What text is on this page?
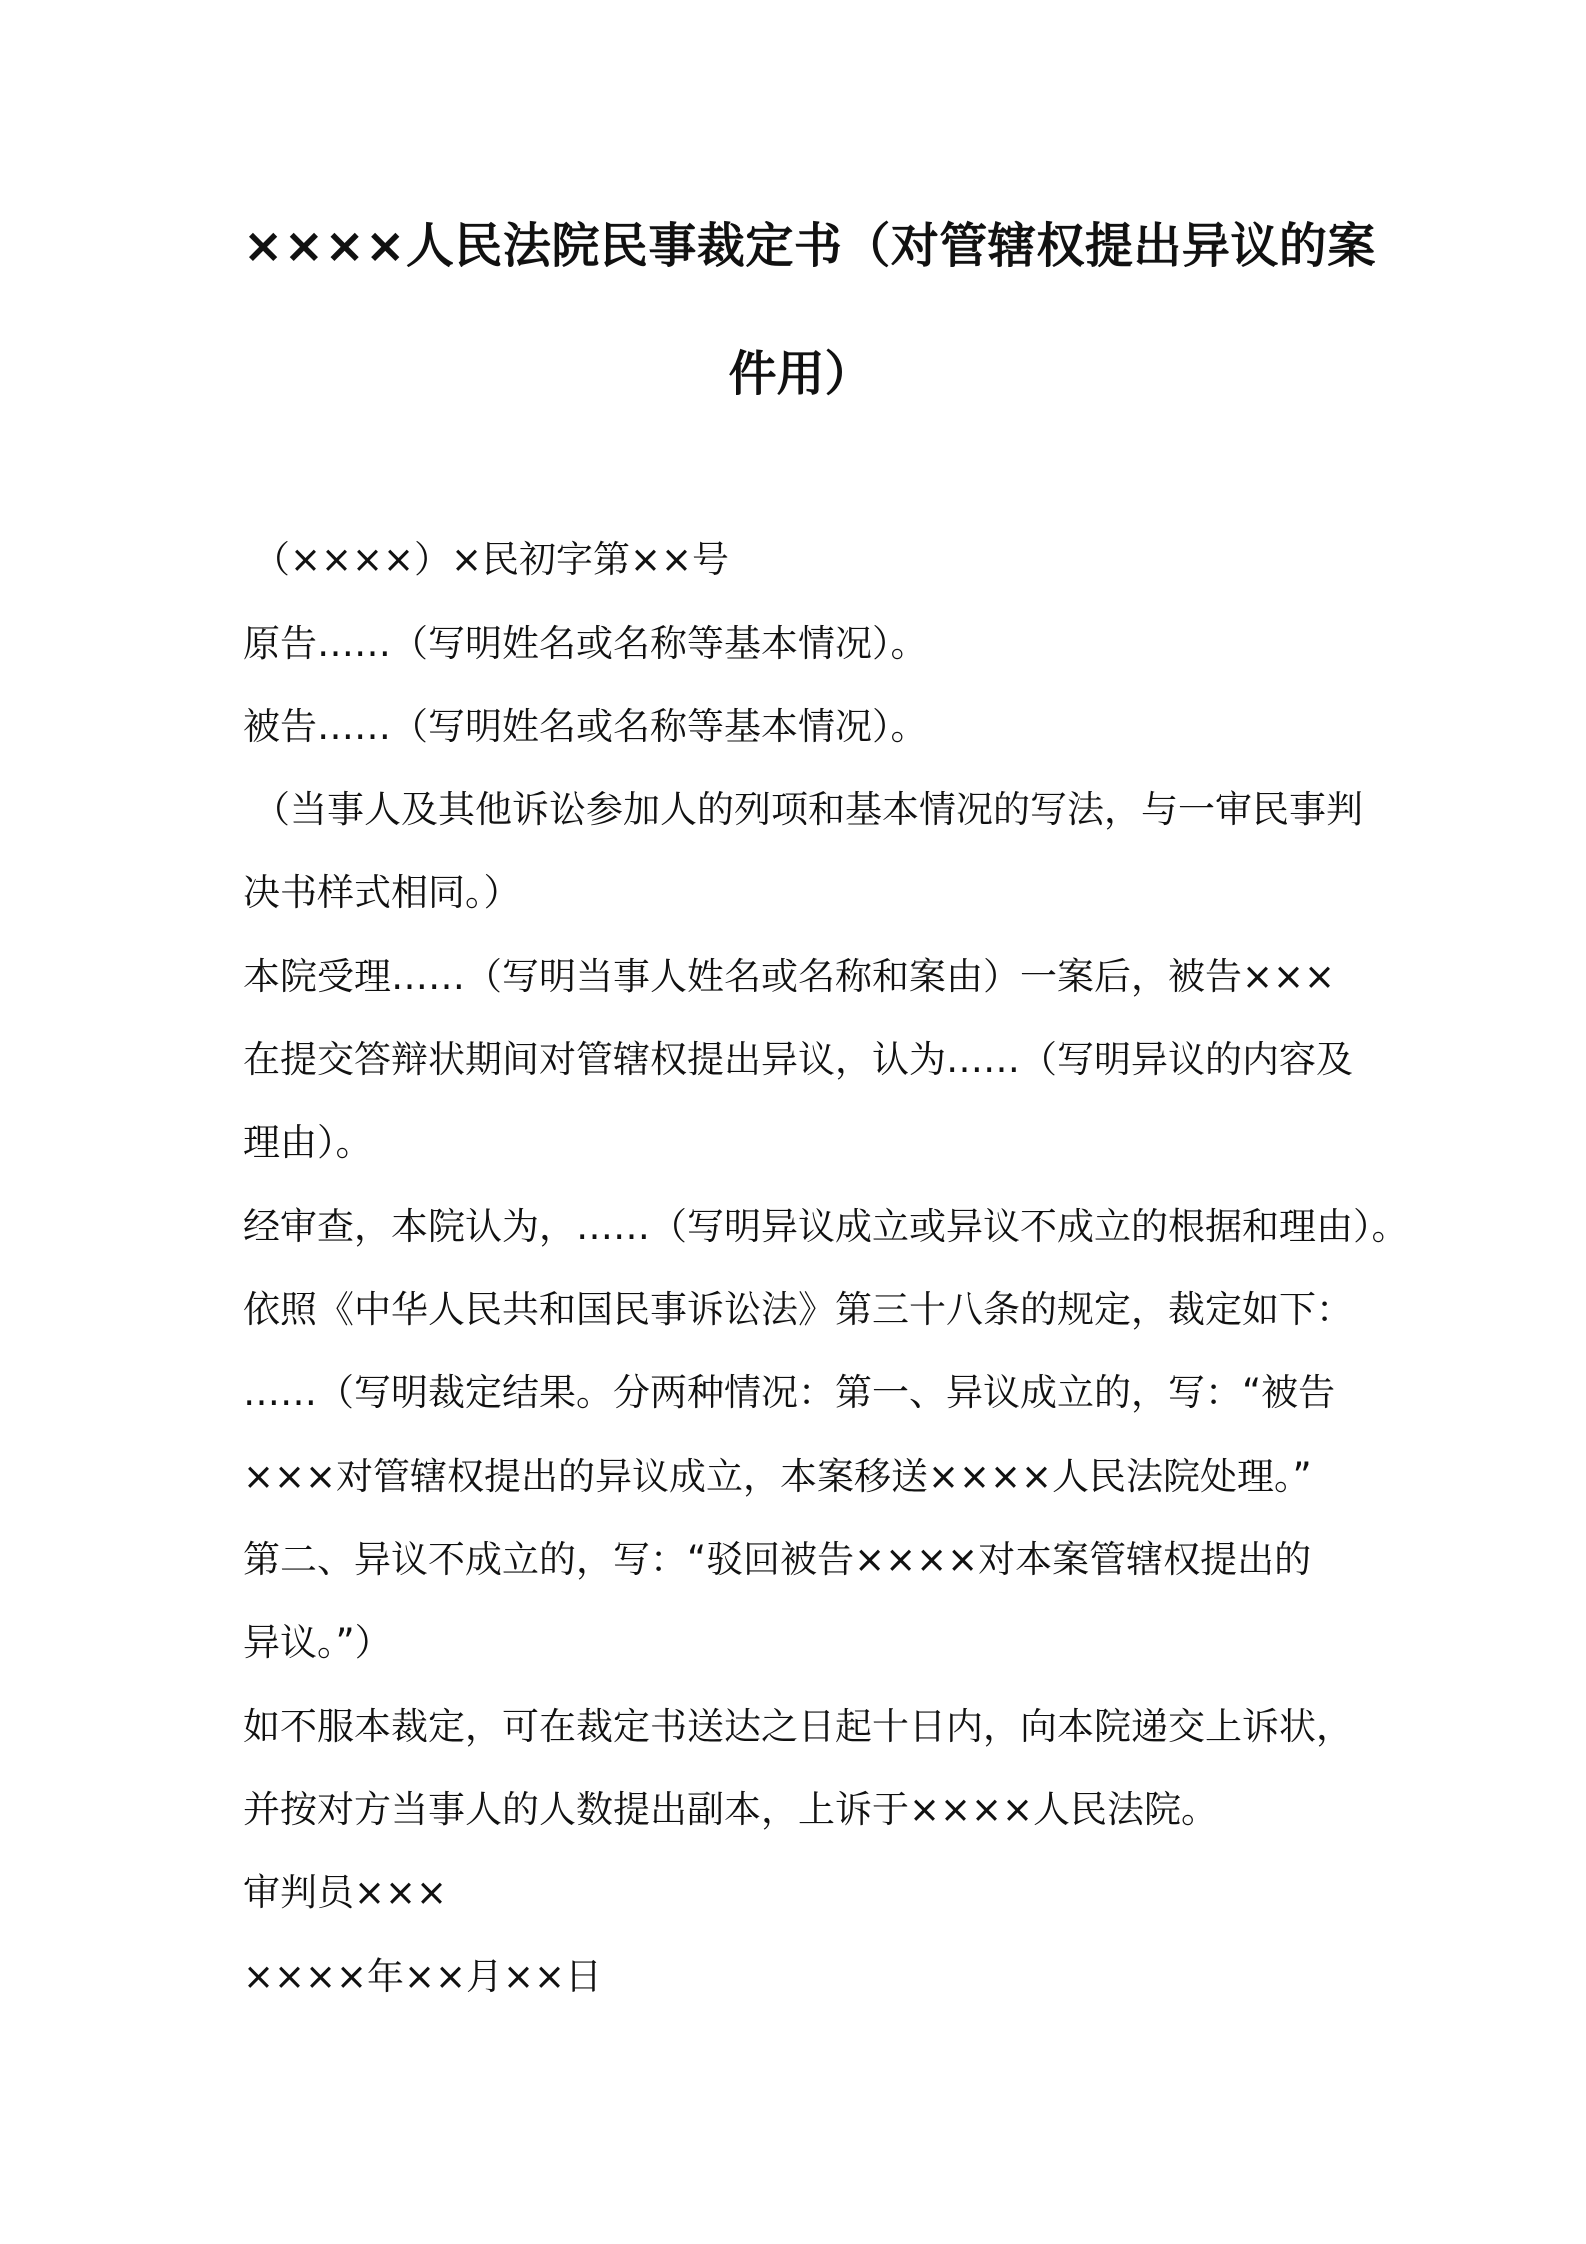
××××人民法院民事裁定书（对管辖权提出异议的案
件用）

（××××）×民初字第××号

原告……（写明姓名或名称等基本情况）。

被告……（写明姓名或名称等基本情况）。

（当事人及其他诉讼参加人的列项和基本情况的写法，与一审民事判

决书样式相同。）

本院受理……（写明当事人姓名或名称和案由）一案后，被告×××

在提交答辩状期间对管辖权提出异议，认为……（写明异议的内容及

理由）。

经审查，本院认为，……（写明异议成立或异议不成立的根据和理由）。

依照《中华人民共和国民事诉讼法》第三十八条的规定，裁定如下：

……（写明裁定结果。分两种情况：第一、异议成立的，写：“被告

×××对管辖权提出的异议成立，本案移送××××人民法院处理。”

第二、异议不成立的，写：“驳回被告××××对本案管辖权提出的

异议。”）

如不服本裁定，可在裁定书送达之日起十日内，向本院递交上诉状，

并按对方当事人的人数提出副本，上诉于××××人民法院。

审判员×××

××××年××月××日
